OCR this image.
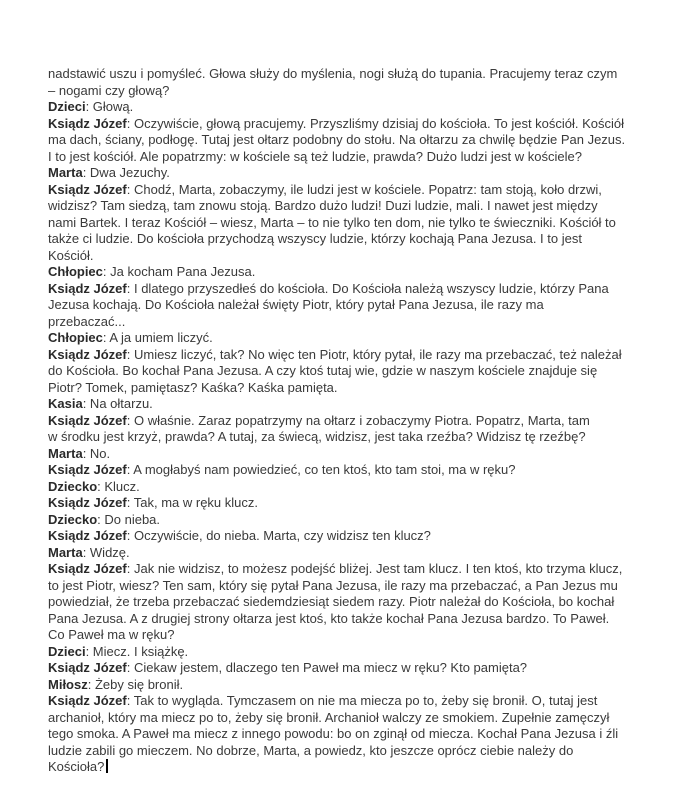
nadstawić uszu i pomyśleć. Głowa służy do myślenia, nogi służą do tupania. Pracujemy teraz czym
– nogami czy głową?
Dzieci: Głową.
Ksiądz Józef: Oczywiście, głową pracujemy. Przyszliśmy dzisiaj do kościoła. To jest kościół. Kościół
ma dach, ściany, podłogę. Tutaj jest ołtarz podobny do stołu. Na ołtarzu za chwilę będzie Pan Jezus.
I to jest kościół. Ale popatrzmy: w kościele są też ludzie, prawda? Dużo ludzi jest w kościele?
Marta: Dwa Jezuchy.
Ksiądz Józef: Chodź, Marta, zobaczymy, ile ludzi jest w kościele. Popatrz: tam stoją, koło drzwi,
widzisz? Tam siedzą, tam znowu stoją. Bardzo dużo ludzi! Duzi ludzie, mali. I nawet jest między
nami Bartek. I teraz Kościół – wiesz, Marta – to nie tylko ten dom, nie tylko te świeczniki. Kościół to
także ci ludzie. Do kościoła przychodzą wszyscy ludzie, którzy kochają Pana Jezusa. I to jest
Kościół.
Chłopiec: Ja kocham Pana Jezusa.
Ksiądz Józef: I dlatego przyszedłeś do kościoła. Do Kościoła należą wszyscy ludzie, którzy Pana
Jezusa kochają. Do Kościoła należał święty Piotr, który pytał Pana Jezusa, ile razy ma
przebaczać...
Chłopiec: A ja umiem liczyć.
Ksiądz Józef: Umiesz liczyć, tak? No więc ten Piotr, który pytał, ile razy ma przebaczać, też należał
do Kościoła. Bo kochał Pana Jezusa. A czy ktoś tutaj wie, gdzie w naszym kościele znajduje się
Piotr? Tomek, pamiętasz? Kaśka? Kaśka pamięta.
Kasia: Na ołtarzu.
Ksiądz Józef: O właśnie. Zaraz popatrzymy na ołtarz i zobaczymy Piotra. Popatrz, Marta, tam
w środku jest krzyż, prawda? A tutaj, za świecą, widzisz, jest taka rzeźba? Widzisz tę rzeźbę?
Marta: No.
Ksiądz Józef: A mogłabyś nam powiedzieć, co ten ktoś, kto tam stoi, ma w ręku?
Dziecko: Klucz.
Ksiądz Józef: Tak, ma w ręku klucz.
Dziecko: Do nieba.
Ksiądz Józef: Oczywiście, do nieba. Marta, czy widzisz ten klucz?
Marta: Widzę.
Ksiądz Józef: Jak nie widzisz, to możesz podejść bliżej. Jest tam klucz. I ten ktoś, kto trzyma klucz,
to jest Piotr, wiesz? Ten sam, który się pytał Pana Jezusa, ile razy ma przebaczać, a Pan Jezus mu
powiedział, że trzeba przebaczać siedemdziesiąt siedem razy. Piotr należał do Kościoła, bo kochał
Pana Jezusa. A z drugiej strony ołtarza jest ktoś, kto także kochał Pana Jezusa bardzo. To Paweł.
Co Paweł ma w ręku?
Dzieci: Miecz. I książkę.
Ksiądz Józef: Ciekaw jestem, dlaczego ten Paweł ma miecz w ręku? Kto pamięta?
Miłosz: Żeby się bronił.
Ksiądz Józef: Tak to wygląda. Tymczasem on nie ma miecza po to, żeby się bronił. O, tutaj jest
archanioł, który ma miecz po to, żeby się bronił. Archanioł walczy ze smokiem. Zupełnie zamęczył
tego smoka. A Paweł ma miecz z innego powodu: bo on zginął od miecza. Kochał Pana Jezusa i źli
ludzie zabili go mieczem. No dobrze, Marta, a powiedz, kto jeszcze oprócz ciebie należy do
Kościoła?
